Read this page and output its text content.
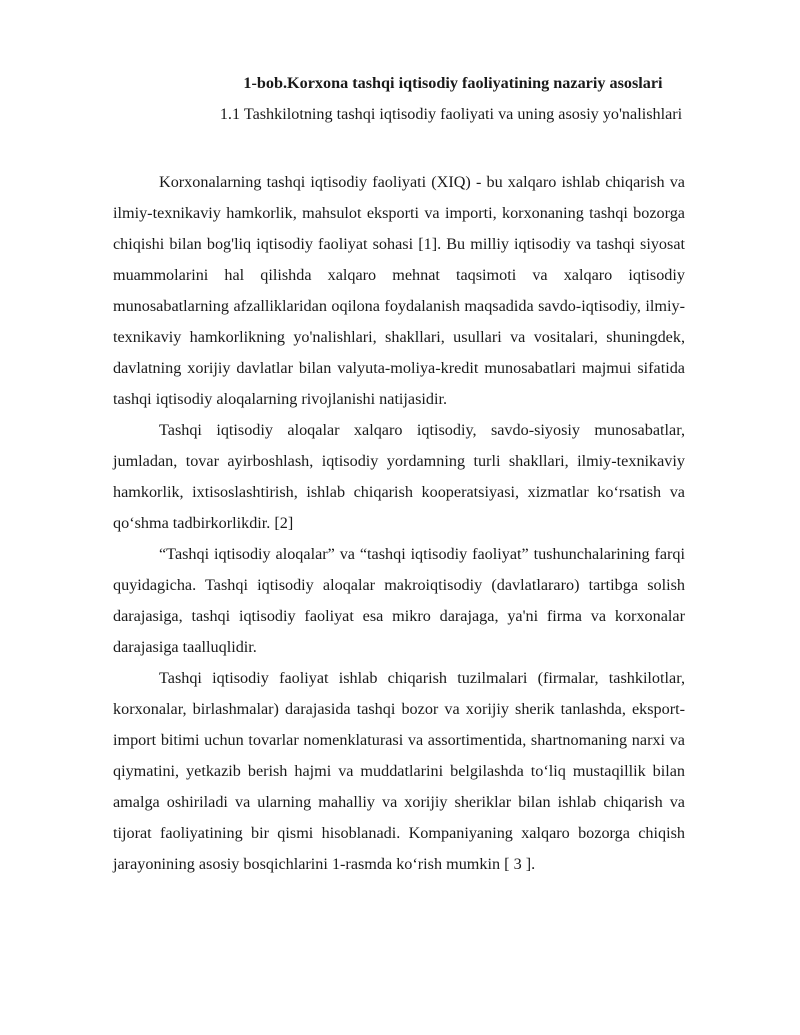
1-bob.Korxona tashqi iqtisodiy faoliyatining nazariy asoslari
1.1 Tashkilotning tashqi iqtisodiy faoliyati va uning asosiy yo'nalishlari

Korxonalarning tashqi iqtisodiy faoliyati (XIQ) - bu xalqaro ishlab chiqarish va ilmiy-texnikaviy hamkorlik, mahsulot eksporti va importi, korxonaning tashqi bozorga chiqishi bilan bog'liq iqtisodiy faoliyat sohasi [1]. Bu milliy iqtisodiy va tashqi siyosat muammolarini hal qilishda xalqaro mehnat taqsimoti va xalqaro iqtisodiy munosabatlarning afzalliklaridan oqilona foydalanish maqsadida savdo-iqtisodiy, ilmiy-texnikaviy hamkorlikning yo'nalishlari, shakllari, usullari va vositalari, shuningdek, davlatning xorijiy davlatlar bilan valyuta-moliya-kredit munosabatlari majmui sifatida tashqi iqtisodiy aloqalarning rivojlanishi natijasidir.

Tashqi iqtisodiy aloqalar xalqaro iqtisodiy, savdo-siyosiy munosabatlar, jumladan, tovar ayirboshlash, iqtisodiy yordamning turli shakllari, ilmiy-texnikaviy hamkorlik, ixtisoslashtirish, ishlab chiqarish kooperatsiyasi, xizmatlar ko‘rsatish va qo‘shma tadbirkorlikdir. [2]

“Tashqi iqtisodiy aloqalar” va “tashqi iqtisodiy faoliyat” tushunchalarining farqi quyidagicha. Tashqi iqtisodiy aloqalar makroiqtisodiy (davlatlararo) tartibga solish darajasiga, tashqi iqtisodiy faoliyat esa mikro darajaga, ya'ni firma va korxonalar darajasiga taalluqlidir.

Tashqi iqtisodiy faoliyat ishlab chiqarish tuzilmalari (firmalar, tashkilotlar, korxonalar, birlashmalar) darajasida tashqi bozor va xorijiy sherik tanlashda, eksport-import bitimi uchun tovarlar nomenklaturasi va assortimentida, shartnomaning narxi va qiymatini, yetkazib berish hajmi va muddatlarini belgilashda to‘liq mustaqillik bilan amalga oshiriladi va ularning mahalliy va xorijiy sheriklar bilan ishlab chiqarish va tijorat faoliyatining bir qismi hisoblanadi. Kompaniyaning xalqaro bozorga chiqish jarayonining asosiy bosqichlarini 1-rasmda ko‘rish mumkin [ 3 ].
